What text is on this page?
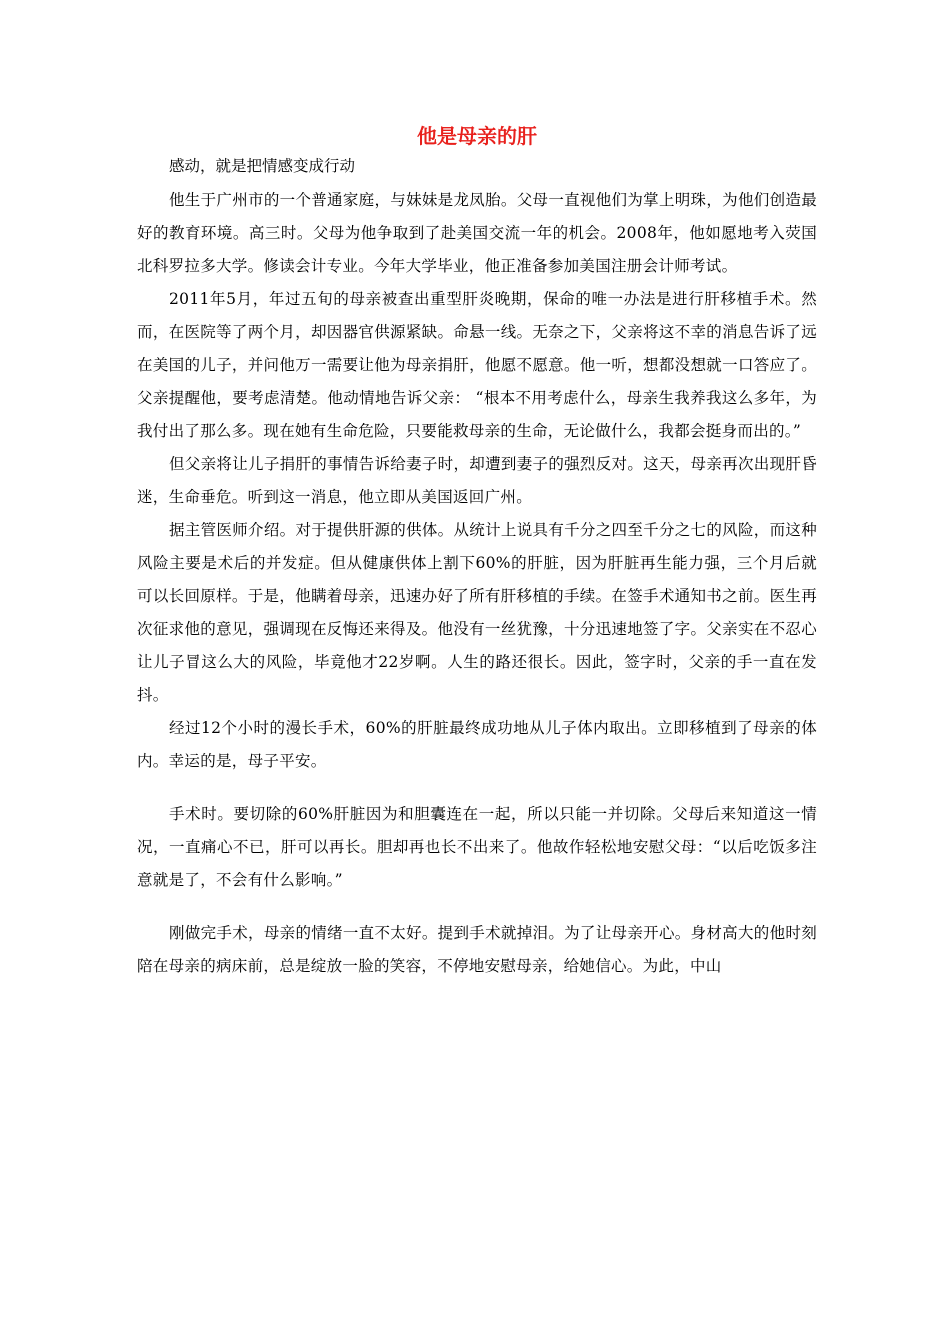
他是母亲的肝

感动，就是把情感变成行动

他生于广州市的一个普通家庭，与妹妹是龙凤胎。父母一直视他们为掌上明珠，为他们创造最好的教育环境。高三时。父母为他争取到了赴美国交流一年的机会。2008年，他如愿地考入荧国北科罗拉多大学。修读会计专业。今年大学毕业，他正准备参加美国注册会计师考试。

2011年5月，年过五旬的母亲被查出重型肝炎晚期，保命的唯一办法是进行肝移植手术。然而，在医院等了两个月，却因器官供源紧缺。命悬一线。无奈之下，父亲将这不幸的消息告诉了远在美国的儿子，并问他万一需要让他为母亲捐肝，他愿不愿意。他一听，想都没想就一口答应了。父亲提醒他，要考虑清楚。他动情地告诉父亲： “根本不用考虑什么，母亲生我养我这么多年，为我付出了那么多。现在她有生命危险，只要能救母亲的生命，无论做什么，我都会挺身而出的。”

但父亲将让儿子捐肝的事情告诉给妻子时，却遭到妻子的强烈反对。这天，母亲再次出现肝昏迷，生命垂危。听到这一消息，他立即从美国返回广州。

据主管医师介绍。对于提供肝源的供体。从统计上说具有千分之四至千分之七的风险，而这种风险主要是术后的并发症。但从健康供体上割下60%的肝脏，因为肝脏再生能力强，三个月后就可以长回原样。于是，他瞒着母亲，迅速办好了所有肝移植的手续。在签手术通知书之前。医生再次征求他的意见，强调现在反悔还来得及。他没有一丝犹豫，十分迅速地签了字。父亲实在不忍心让儿子冒这么大的风险，毕竟他才22岁啊。人生的路还很长。因此，签字时，父亲的手一直在发抖。

经过12个小时的漫长手术，60%的肝脏最终成功地从儿子体内取出。立即移植到了母亲的体内。幸运的是，母子平安。

手术时。要切除的60%肝脏因为和胆囊连在一起，所以只能一并切除。父母后来知道这一情况，一直痛心不已，肝可以再长。胆却再也长不出来了。他故作轻松地安慰父母：“以后吃饭多注意就是了，不会有什么影响。”

刚做完手术，母亲的情绪一直不太好。提到手术就掉泪。为了让母亲开心。身材高大的他时刻陪在母亲的病床前，总是绽放一脸的笑容，不停地安慰母亲，给她信心。为此，中山
